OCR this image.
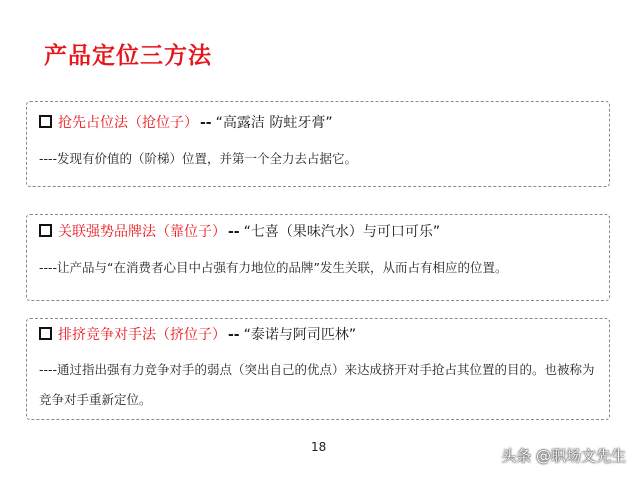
产品定位三方法
抢先占位法（抢位子） -- “高露洁 防蛀牙膏”
----发现有价值的（阶梯）位置，并第一个全力去占据它。
关联强势品牌法（靠位子） -- “七喜（果味汽水）与可口可乐”
----让产品与“在消费者心目中占强有力地位的品牌”发生关联，从而占有相应的位置。
排挤竞争对手法（挤位子） -- “泰诺与阿司匹林”
----通过指出强有力竞争对手的弱点（突出自己的优点）来达成挤开对手抢占其位置的目的。也被称为竞争对手重新定位。
18	头条 @职场文先生
